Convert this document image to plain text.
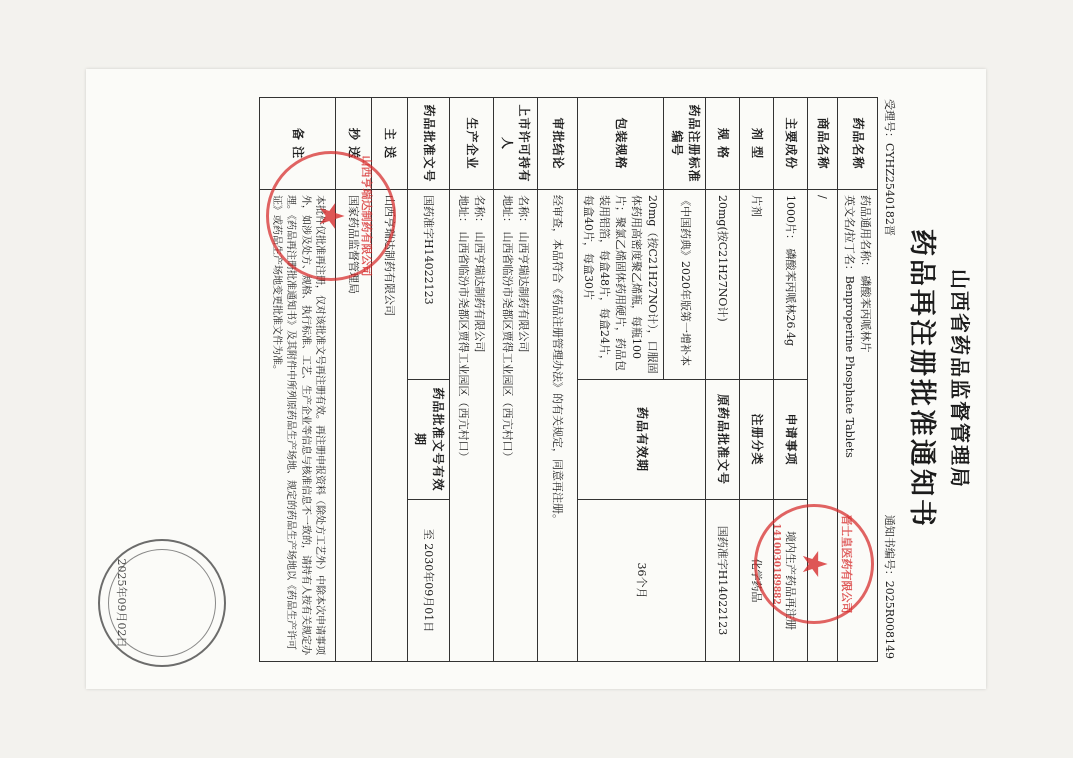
山西省药品监督管理局
药品再注册批准通知书
受理号：CYHZ2540182晋
通知书编号：2025R008149
药品名称	药品通用名称： 磷酸苯丙哌林片
英文名/拉丁名：Benproperine Phosphate Tablets		

商品名称	/		
主要成份	1000片： 磷酸苯丙哌林26.4g	申请事项	境内生产药品再注册
剂 型	片剂	注册分类	化学药品
规 格	20mg(按C21H27NO计)	原药品批准文号	国药准字H14022123
药品注册标准编号	《中国药典》2020年版第一增补本	药品有效期	36个月
包装规格	20mg（按C21H27NO计），口服固体药用高密度聚乙烯瓶，每瓶100片；聚氯乙烯固体药用硬片，药品包装用铝箔，每盒48片，每盒24片，每盒40片，每盒30片		
审批结论	经审查，本品符合《药品注册管理办法》的有关规定，同意再注册。		
上市许可持有人	名称： 山西亨瑞达制药有限公司
地址： 山西省临汾市尧都区贾得工业园区（西亢村口）		

生产企业	名称： 山西亨瑞达制药有限公司
地址： 山西省临汾市尧都区贾得工业园区（西亢村口）		

药品批准文号	国药准字H14022123	药品批准文号有效期	至 2030年09月01日
主 送	山西亨瑞达制药有限公司		
抄 送	国家药品监督管理局		
备 注	本批件仅批准再注册，仅对该批准文号再注册有效。再注册申报资料（除处方工艺外）中除本次申请事项外，如涉及处方、规格、执行标准、工艺、生产企业等信息与核准信息不一致的，请持有人按有关规定办理。《药品再注册批准通知书》及其附件中所列原药品生产场地、规定的药品生产场地以《药品生产许可证》或药品生产场地变更批准文件为准。			山西亨瑞达制药有限公司
★
晋士皇医药有限公司
★
1410030189882
2025年09月02日
